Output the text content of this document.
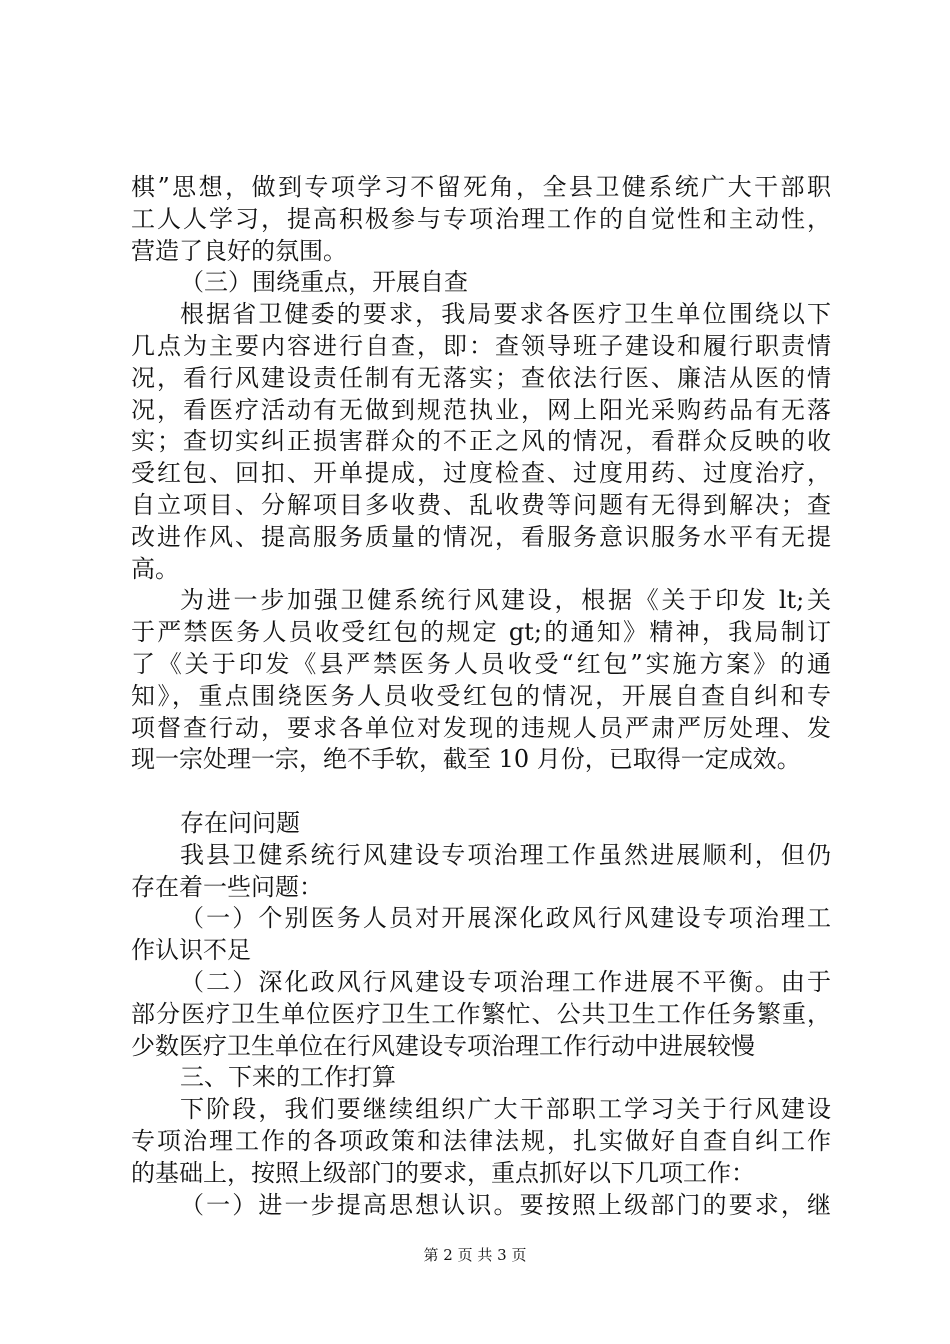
棋”思想，做到专项学习不留死角，全县卫健系统广大干部职
工人人学习，提高积极参与专项治理工作的自觉性和主动性，
营造了良好的氛围。
（三）围绕重点，开展自查
根据省卫健委的要求，我局要求各医疗卫生单位围绕以下
几点为主要内容进行自查，即：查领导班子建设和履行职责情
况，看行风建设责任制有无落实；查依法行医、廉洁从医的情
况，看医疗活动有无做到规范执业，网上阳光采购药品有无落
实；查切实纠正损害群众的不正之风的情况，看群众反映的收
受红包、回扣、开单提成，过度检查、过度用药、过度治疗，
自立项目、分解项目多收费、乱收费等问题有无得到解决；查
改进作风、提高服务质量的情况，看服务意识服务水平有无提
高。
为进一步加强卫健系统行风建设，根据《关于印发 lt;关
于严禁医务人员收受红包的规定 gt;的通知》精神，我局制订
了《关于印发《县严禁医务人员收受“红包”实施方案》的通
知》，重点围绕医务人员收受红包的情况，开展自查自纠和专
项督查行动，要求各单位对发现的违规人员严肃严厉处理、发
现一宗处理一宗，绝不手软，截至 10 月份，已取得一定成效。
存在问问题
我县卫健系统行风建设专项治理工作虽然进展顺利，但仍
存在着一些问题：
（一）个别医务人员对开展深化政风行风建设专项治理工
作认识不足
（二）深化政风行风建设专项治理工作进展不平衡。由于
部分医疗卫生单位医疗卫生工作繁忙、公共卫生工作任务繁重，
少数医疗卫生单位在行风建设专项治理工作行动中进展较慢
三、下来的工作打算
下阶段，我们要继续组织广大干部职工学习关于行风建设
专项治理工作的各项政策和法律法规，扎实做好自查自纠工作
的基础上，按照上级部门的要求，重点抓好以下几项工作：
（一）进一步提高思想认识。要按照上级部门的要求，继
第 2 页 共 3 页
